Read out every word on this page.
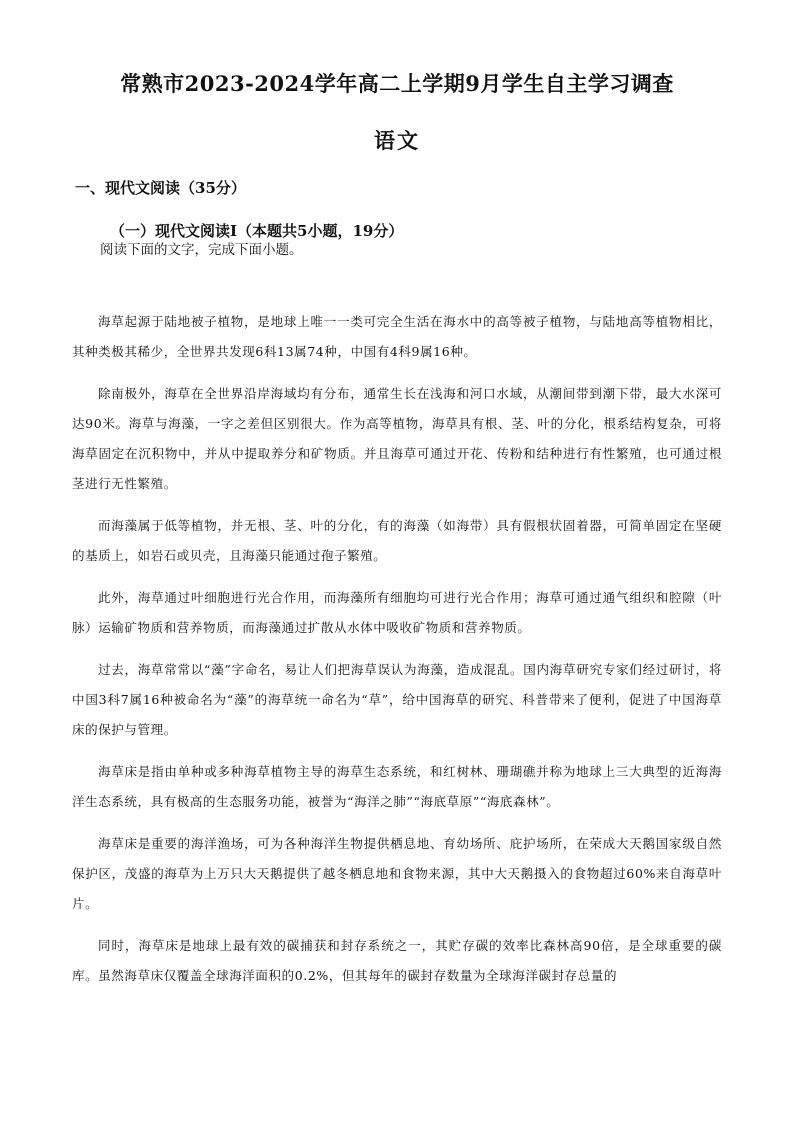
常熟市2023-2024学年高二上学期9月学生自主学习调查
语文
一、现代文阅读（35分）
（一）现代文阅读Ⅰ（本题共5小题，19分）
阅读下面的文字，完成下面小题。

海草起源于陆地被子植物，是地球上唯一一类可完全生活在海水中的高等被子植物，与陆地高等植物相比，其种类极其稀少，全世界共发现6科13属74种，中国有4科9属16种。

除南极外，海草在全世界沿岸海域均有分布，通常生长在浅海和河口水域，从潮间带到潮下带，最大水深可达90米。海草与海藻，一字之差但区别很大。作为高等植物，海草具有根、茎、叶的分化，根系结构复杂，可将海草固定在沉积物中，并从中提取养分和矿物质。并且海草可通过开花、传粉和结种进行有性繁殖，也可通过根茎进行无性繁殖。

而海藻属于低等植物，并无根、茎、叶的分化，有的海藻（如海带）具有假根状固着器，可简单固定在坚硬的基质上，如岩石或贝壳，且海藻只能通过孢子繁殖。

此外，海草通过叶细胞进行光合作用，而海藻所有细胞均可进行光合作用；海草可通过通气组织和腔隙（叶脉）运输矿物质和营养物质，而海藻通过扩散从水体中吸收矿物质和营养物质。

过去，海草常常以“藻”字命名，易让人们把海草误认为海藻，造成混乱。国内海草研究专家们经过研讨，将中国3科7属16种被命名为“藻”的海草统一命名为“草”，给中国海草的研究、科普带来了便利，促进了中国海草床的保护与管理。

海草床是指由单种或多种海草植物主导的海草生态系统，和红树林、珊瑚礁并称为地球上三大典型的近海海洋生态系统，具有极高的生态服务功能，被誉为“海洋之肺”“海底草原”“海底森林”。

海草床是重要的海洋渔场，可为各种海洋生物提供栖息地、育幼场所、庇护场所，在荣成大天鹅国家级自然保护区，茂盛的海草为上万只大天鹅提供了越冬栖息地和食物来源，其中大天鹅摄入的食物超过60%来自海草叶片。

同时，海草床是地球上最有效的碳捕获和封存系统之一，其贮存碳的效率比森林高90倍，是全球重要的碳库。虽然海草床仅覆盖全球海洋面积的0.2%，但其每年的碳封存数量为全球海洋碳封存总量的
